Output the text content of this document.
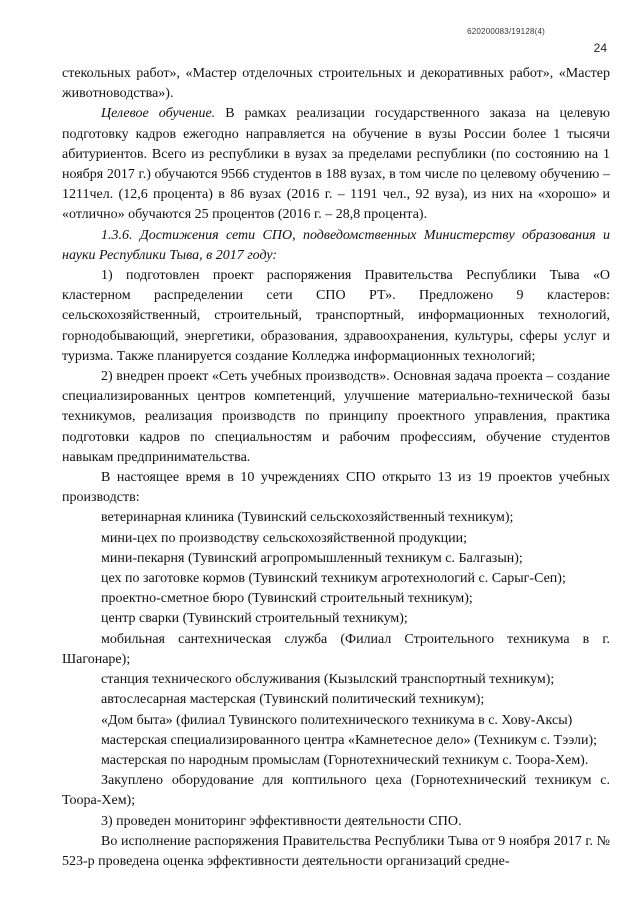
620200083/19128(4)
24

стекольных работ», «Мастер отделочных строительных и декоративных работ», «Мастер животноводства»).

Целевое обучение. В рамках реализации государственного заказа на целевую подготовку кадров ежегодно направляется на обучение в вузы России более 1 тысячи абитуриентов. Всего из республики в вузах за пределами республики (по состоянию на 1 ноября 2017 г.) обучаются 9566 студентов в 188 вузах, в том числе по целевому обучению – 1211чел. (12,6 процента) в 86 вузах (2016 г. – 1191 чел., 92 вуза), из них на «хорошо» и «отлично» обучаются 25 процентов (2016 г. – 28,8 процента).

1.3.6. Достижения сети СПО, подведомственных Министерству образования и науки Республики Тыва, в 2017 году:

1) подготовлен проект распоряжения Правительства Республики Тыва «О кластерном распределении сети СПО РТ». Предложено 9 кластеров: сельскохозяйственный, строительный, транспортный, информационных технологий, горнодобывающий, энергетики, образования, здравоохранения, культуры, сферы услуг и туризма. Также планируется создание Колледжа информационных технологий;

2) внедрен проект «Сеть учебных производств». Основная задача проекта – создание специализированных центров компетенций, улучшение материально-технической базы техникумов, реализация производств по принципу проектного управления, практика подготовки кадров по специальностям и рабочим профессиям, обучение студентов навыкам предпринимательства.

В настоящее время в 10 учреждениях СПО открыто 13 из 19 проектов учебных производств:

ветеринарная клиника (Тувинский сельскохозяйственный техникум);

мини-цех по производству сельскохозяйственной продукции;

мини-пекарня (Тувинский агропромышленный техникум с. Балгазын);

цех по заготовке кормов (Тувинский техникум агротехнологий с. Сарыг-Сеп);

проектно-сметное бюро (Тувинский строительный техникум);

центр сварки (Тувинский строительный техникум);

мобильная сантехническая служба (Филиал Строительного техникума в г. Шагонаре);

станция технического обслуживания (Кызылский транспортный техникум);

автослесарная мастерская (Тувинский политический техникум);

«Дом быта» (филиал Тувинского политехнического техникума в с. Хову-Аксы)

мастерская специализированного центра «Камнетесное дело» (Техникум с. Тээли);

мастерская по народным промыслам (Горнотехнический техникум с. Тоора-Хем).

Закуплено оборудование для коптильного цеха (Горнотехнический техникум с. Тоора-Хем);

3) проведен мониторинг эффективности деятельности СПО.

Во исполнение распоряжения Правительства Республики Тыва от 9 ноября 2017 г. № 523-р проведена оценка эффективности деятельности организаций средне-
